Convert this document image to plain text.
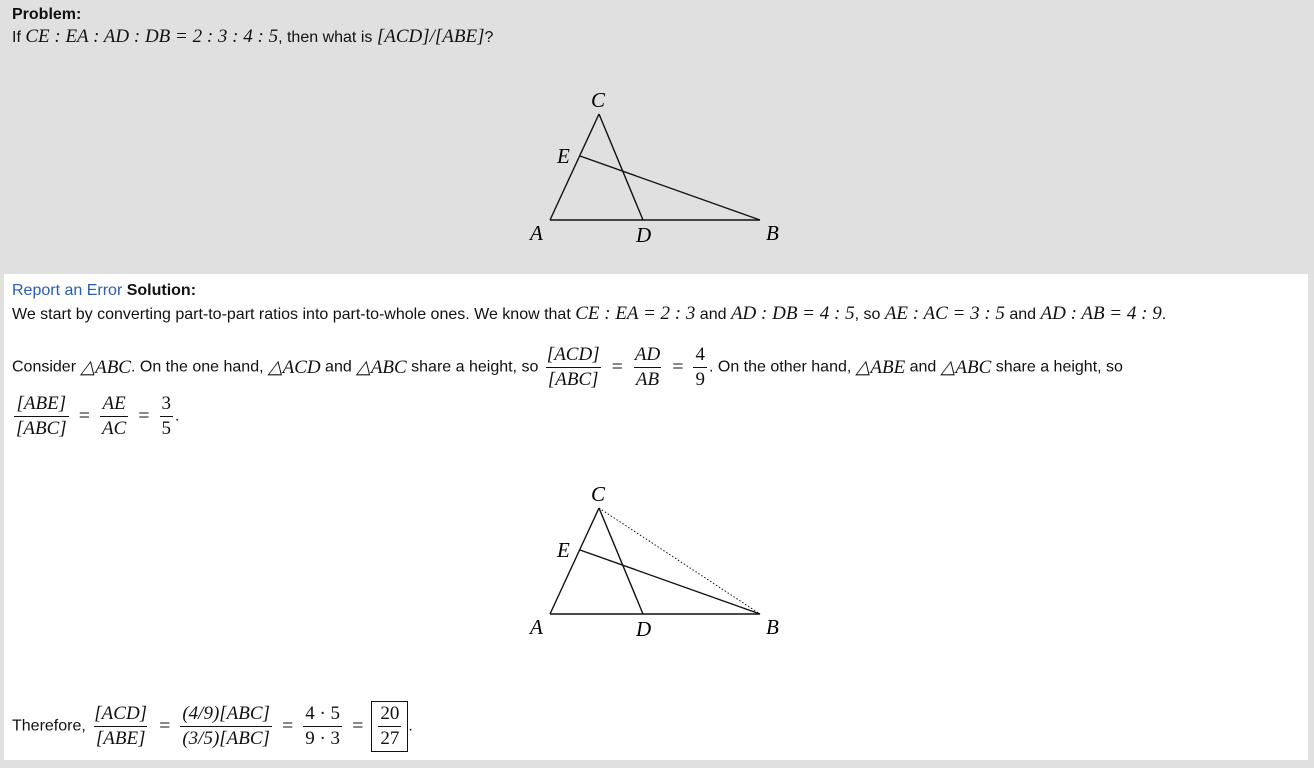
Problem:
If CE : EA : AD : DB = 2 : 3 : 4 : 5, then what is [ACD]/[ABE]?
C
E
A	D	B
Report an Error Solution:
We start by converting part-to-part ratios into part-to-whole ones. We know that CE : EA = 2 : 3 and AD : DB = 4 : 5, so AE : AC = 3 : 5 and AD : AB = 4 : 9.
Consider △ABC. On the one hand, △ACD and △ABC share a height, so $\frac{\text{[ACD]}}{\text{[ABC]}} = \frac{AD}{AB} = \frac{4}{9}$ . On the other hand, △ABE and △ABC share a height, so
$\frac{\text{[ABE]}}{\text{[ABC]}} = \frac{AE}{AC} = \frac{3}{5}$ .
C
E
A	D	B
Therefore, $\frac{\text{[ACD]}}{\text{[ABE]}} = \frac{\text{(4/9)[ABC]}}{\text{(3/5)[ABC]}} = \frac{4 \cdot 5}{9 \cdot 3} = \frac{20}{27}$ .
